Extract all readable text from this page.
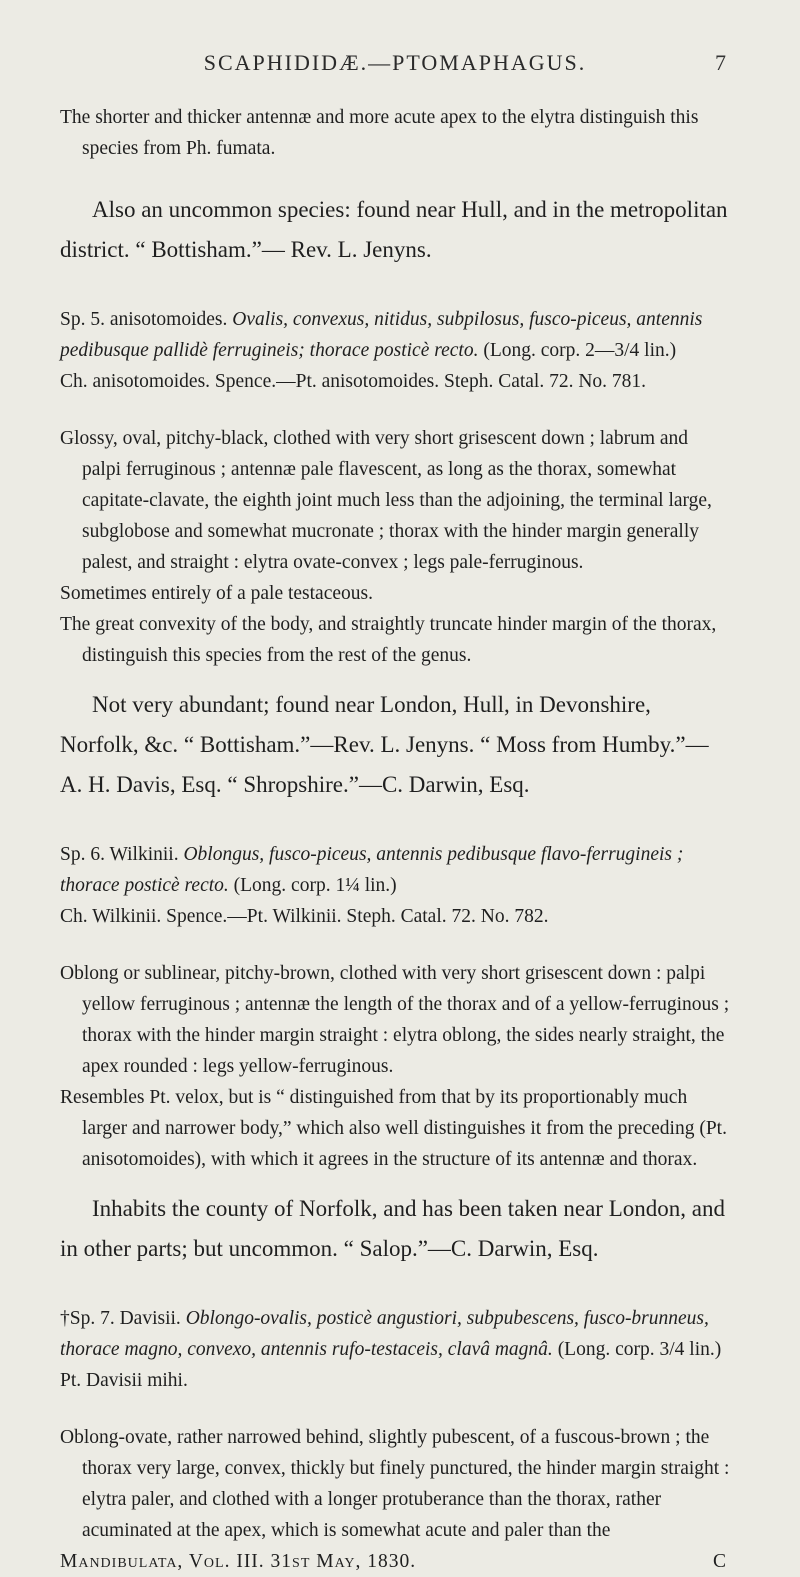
SCAPHIDIDÆ.—PTOMAPHAGUS.	7

The shorter and thicker antennæ and more acute apex to the elytra distinguish this species from Ph. fumata.

Also an uncommon species: found near Hull, and in the metropolitan district. “ Bottisham.”— Rev. L. Jenyns.

Sp. 5. anisotomoides. Ovalis, convexus, nitidus, subpilosus, fusco-piceus, antennis pedibusque pallidè ferrugineis; thorace posticè recto. (Long. corp. 2—3/4 lin.)

Ch. anisotomoides. Spence.—Pt. anisotomoides. Steph. Catal. 72. No. 781.

Glossy, oval, pitchy-black, clothed with very short grisescent down ; labrum and palpi ferruginous ; antennæ pale flavescent, as long as the thorax, somewhat capitate-clavate, the eighth joint much less than the adjoining, the terminal large, subglobose and somewhat mucronate ; thorax with the hinder margin generally palest, and straight : elytra ovate-convex ; legs pale-ferruginous.

Sometimes entirely of a pale testaceous.

The great convexity of the body, and straightly truncate hinder margin of the thorax, distinguish this species from the rest of the genus.

Not very abundant; found near London, Hull, in Devonshire, Norfolk, &c. “ Bottisham.”—Rev. L. Jenyns. “ Moss from Humby.”—A. H. Davis, Esq. “ Shropshire.”—C. Darwin, Esq.

Sp. 6. Wilkinii. Oblongus, fusco-piceus, antennis pedibusque flavo-ferrugineis ; thorace posticè recto. (Long. corp. 1¼ lin.)

Ch. Wilkinii. Spence.—Pt. Wilkinii. Steph. Catal. 72. No. 782.

Oblong or sublinear, pitchy-brown, clothed with very short grisescent down : palpi yellow ferruginous ; antennæ the length of the thorax and of a yellow-ferruginous ; thorax with the hinder margin straight : elytra oblong, the sides nearly straight, the apex rounded : legs yellow-ferruginous.

Resembles Pt. velox, but is “ distinguished from that by its proportionably much larger and narrower body,” which also well distinguishes it from the preceding (Pt. anisotomoides), with which it agrees in the structure of its antennæ and thorax.

Inhabits the county of Norfolk, and has been taken near London, and in other parts; but uncommon. “ Salop.”—C. Darwin, Esq.

†Sp. 7. Davisii. Oblongo-ovalis, posticè angustiori, subpubescens, fusco-brunneus, thorace magno, convexo, antennis rufo-testaceis, clavâ magnâ. (Long. corp. 3/4 lin.)

Pt. Davisii mihi.

Oblong-ovate, rather narrowed behind, slightly pubescent, of a fuscous-brown ; the thorax very large, convex, thickly but finely punctured, the hinder margin straight : elytra paler, and clothed with a longer protuberance than the thorax, rather acuminated at the apex, which is somewhat acute and paler than the

Mandibulata, Vol. III. 31st May, 1830.	C
